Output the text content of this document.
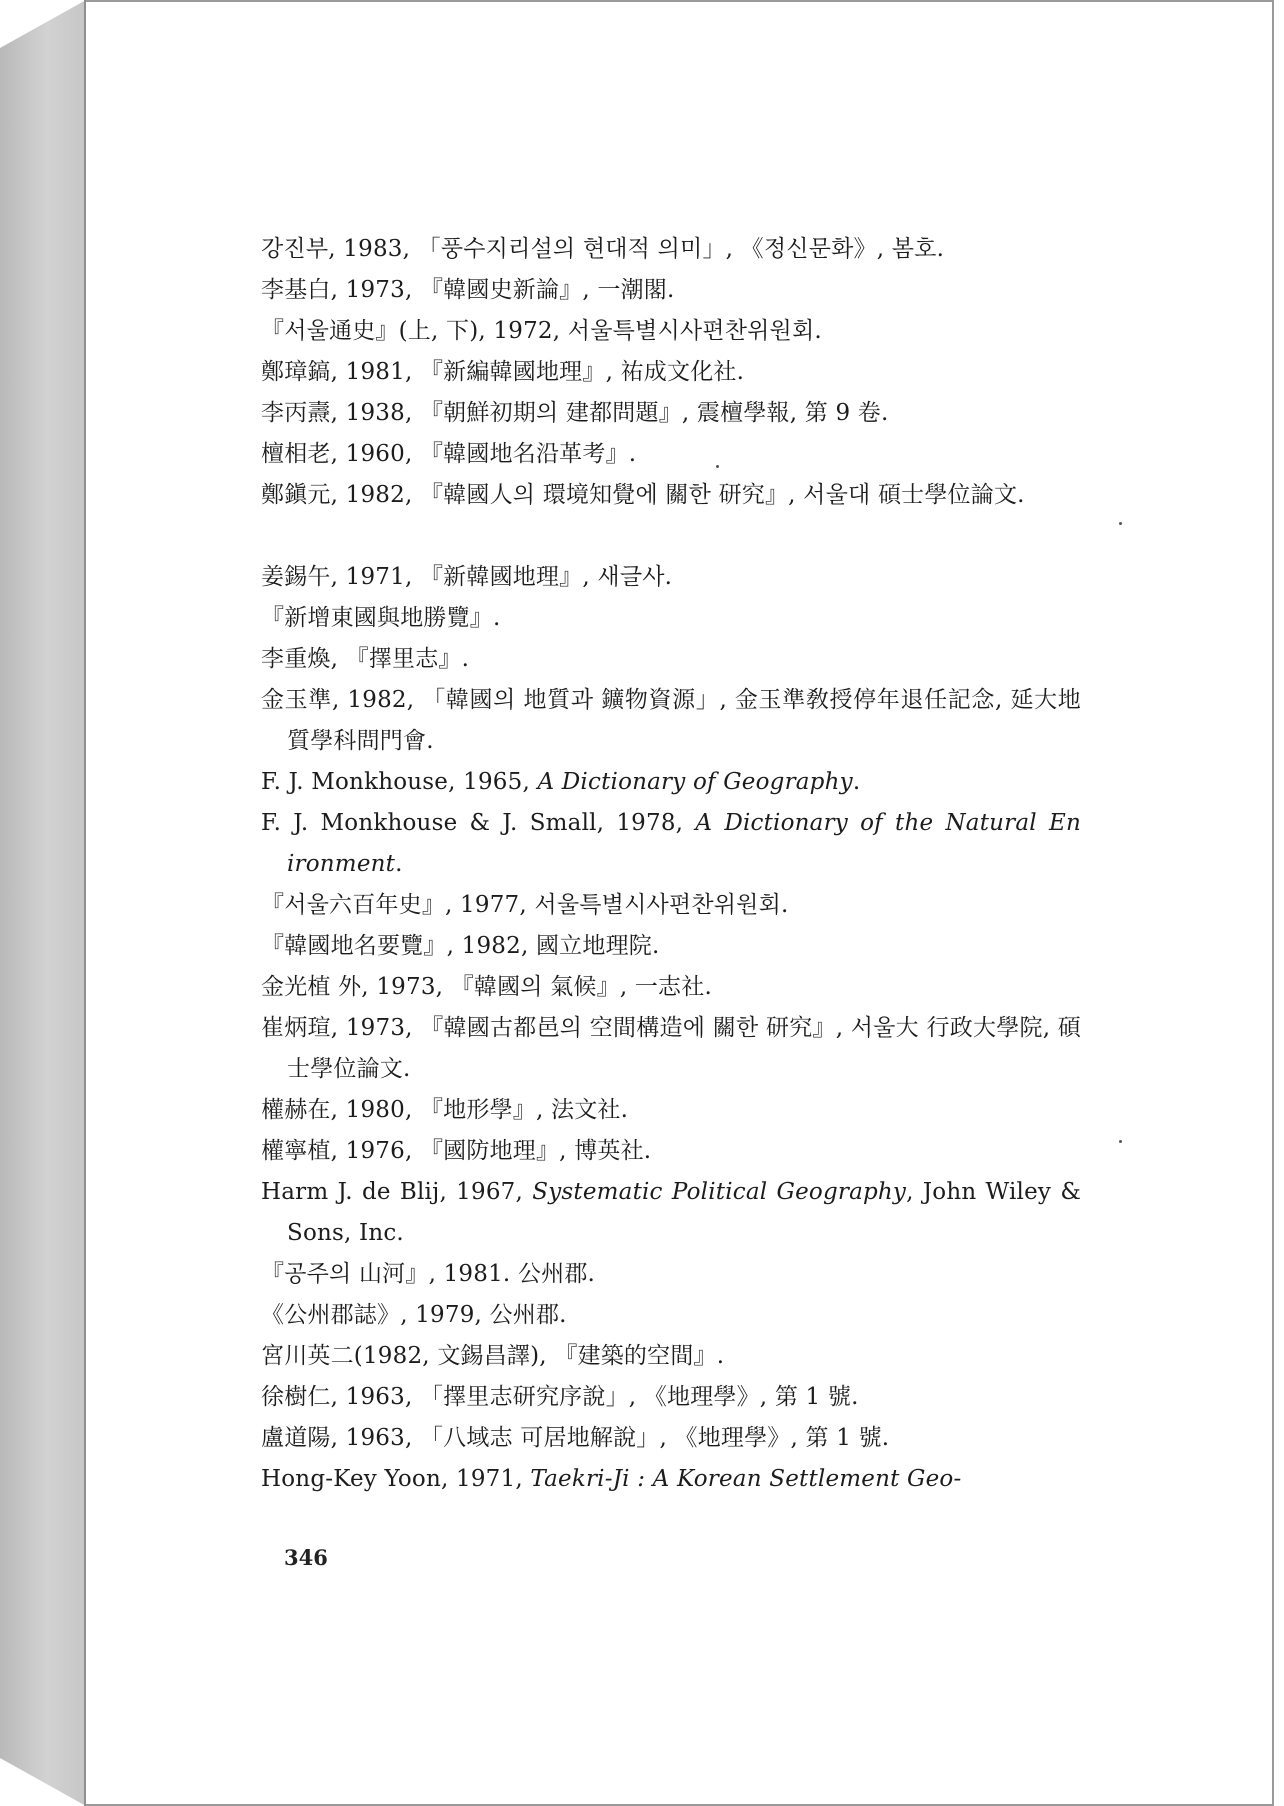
강진부, 1983, 「풍수지리설의 현대적 의미」, 《정신문화》, 봄호.
李基白, 1973, 『韓國史新論』, 一潮閣.
『서울通史』(上, 下), 1972, 서울특별시사편찬위원회.
鄭璋鎬, 1981, 『新編韓國地理』, 祐成文化社.
李丙燾, 1938, 『朝鮮初期의 建都問題』, 震檀學報, 第 9 卷.
檀相老, 1960, 『韓國地名沿革考』.
鄭鎭元, 1982, 『韓國人의 環境知覺에 關한 研究』, 서울대 碩士學位論文.
姜錫午, 1971, 『新韓國地理』, 새글사.
『新增東國與地勝覽』.
李重煥, 『擇里志』.
金玉準, 1982, 「韓國의 地質과 鑛物資源」, 金玉準敎授停年退任記念, 延大地質學科問門會.
F. J. Monkhouse, 1965, A Dictionary of Geography.
F. J. Monkhouse & J. Small, 1978, A Dictionary of the Natural En ironment.
『서울六百年史』, 1977, 서울특별시사편찬위원회.
『韓國地名要覽』, 1982, 國立地理院.
金光植 外, 1973, 『韓國의 氣候』, 一志社.
崔炳瑄, 1973, 『韓國古都邑의 空間構造에 關한 研究』, 서울大 行政大學院, 碩士學位論文.
權赫在, 1980, 『地形學』, 法文社.
權寧植, 1976, 『國防地理』, 博英社.
Harm J. de Blij, 1967, Systematic Political Geography, John Wiley & Sons, Inc.
『공주의 山河』, 1981. 公州郡.
《公州郡誌》, 1979, 公州郡.
宮川英二(1982, 文錫昌譯), 『建築的空間』.
徐樹仁, 1963, 「擇里志研究序說」, 《地理學》, 第 1 號.
盧道陽, 1963, 「八域志 可居地解說」, 《地理學》, 第 1 號.
Hong-Key Yoon, 1971, Taekri-Ji : A Korean Settlement Geo-
346
